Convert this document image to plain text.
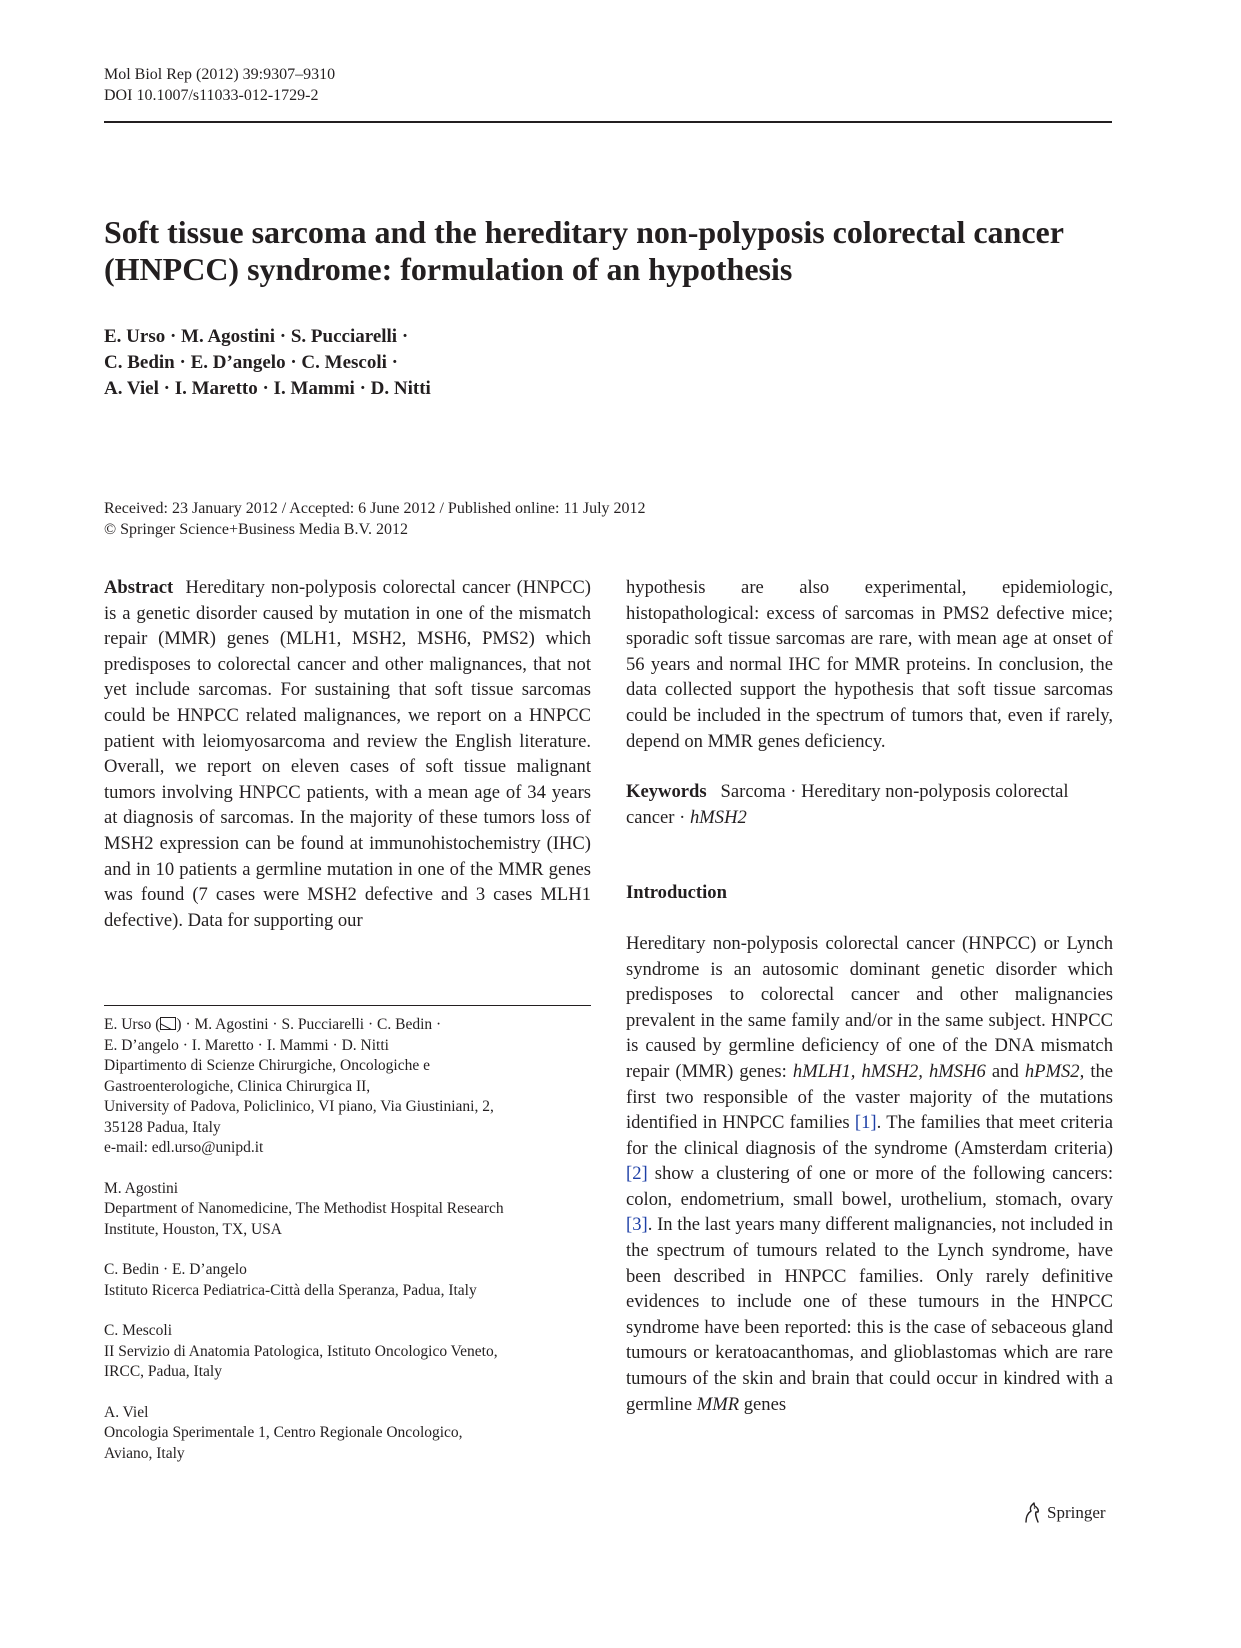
Mol Biol Rep (2012) 39:9307–9310
DOI 10.1007/s11033-012-1729-2
Soft tissue sarcoma and the hereditary non-polyposis colorectal cancer (HNPCC) syndrome: formulation of an hypothesis
E. Urso · M. Agostini · S. Pucciarelli ·
C. Bedin · E. D’angelo · C. Mescoli ·
A. Viel · I. Maretto · I. Mammi · D. Nitti
Received: 23 January 2012 / Accepted: 6 June 2012 / Published online: 11 July 2012
© Springer Science+Business Media B.V. 2012

Abstract Hereditary non-polyposis colorectal cancer (HNPCC) is a genetic disorder caused by mutation in one of the mismatch repair (MMR) genes (MLH1, MSH2, MSH6, PMS2) which predisposes to colorectal cancer and other malignances, that not yet include sarcomas. For sustaining that soft tissue sarcomas could be HNPCC related malignances, we report on a HNPCC patient with leiomyosarcoma and review the English literature. Overall, we report on eleven cases of soft tissue malignant tumors involving HNPCC patients, with a mean age of 34 years at diagnosis of sarcomas. In the majority of these tumors loss of MSH2 expression can be found at immunohistochemistry (IHC) and in 10 patients a germline mutation in one of the MMR genes was found (7 cases were MSH2 defective and 3 cases MLH1 defective). Data for supporting our

hypothesis are also experimental, epidemiologic, histopathological: excess of sarcomas in PMS2 defective mice; sporadic soft tissue sarcomas are rare, with mean age at onset of 56 years and normal IHC for MMR proteins. In conclusion, the data collected support the hypothesis that soft tissue sarcomas could be included in the spectrum of tumors that, even if rarely, depend on MMR genes deficiency.

Keywords Sarcoma · Hereditary non-polyposis colorectal cancer · hMSH2

Introduction

Hereditary non-polyposis colorectal cancer (HNPCC) or Lynch syndrome is an autosomic dominant genetic disorder which predisposes to colorectal cancer and other malignancies prevalent in the same family and/or in the same subject. HNPCC is caused by germline deficiency of one of the DNA mismatch repair (MMR) genes: hMLH1, hMSH2, hMSH6 and hPMS2, the first two responsible of the vaster majority of the mutations identified in HNPCC families [1]. The families that meet criteria for the clinical diagnosis of the syndrome (Amsterdam criteria) [2] show a clustering of one or more of the following cancers: colon, endometrium, small bowel, urothelium, stomach, ovary [3]. In the last years many different malignancies, not included in the spectrum of tumours related to the Lynch syndrome, have been described in HNPCC families. Only rarely definitive evidences to include one of these tumours in the HNPCC syndrome have been reported: this is the case of sebaceous gland tumours or keratoacanthomas, and glioblastomas which are rare tumours of the skin and brain that could occur in kindred with a germline MMR genes

E. Urso ( ) · M. Agostini · S. Pucciarelli · C. Bedin ·
E. D’angelo · I. Maretto · I. Mammi · D. Nitti
Dipartimento di Scienze Chirurgiche, Oncologiche e
Gastroenterologiche, Clinica Chirurgica II,
University of Padova, Policlinico, VI piano, Via Giustiniani, 2,
35128 Padua, Italy
e-mail: edl.urso@unipd.it
M. Agostini
Department of Nanomedicine, The Methodist Hospital Research
Institute, Houston, TX, USA
C. Bedin · E. D’angelo
Istituto Ricerca Pediatrica-Città della Speranza, Padua, Italy
C. Mescoli
II Servizio di Anatomia Patologica, Istituto Oncologico Veneto,
IRCC, Padua, Italy
A. Viel
Oncologia Sperimentale 1, Centro Regionale Oncologico,
Aviano, Italy
Springer
